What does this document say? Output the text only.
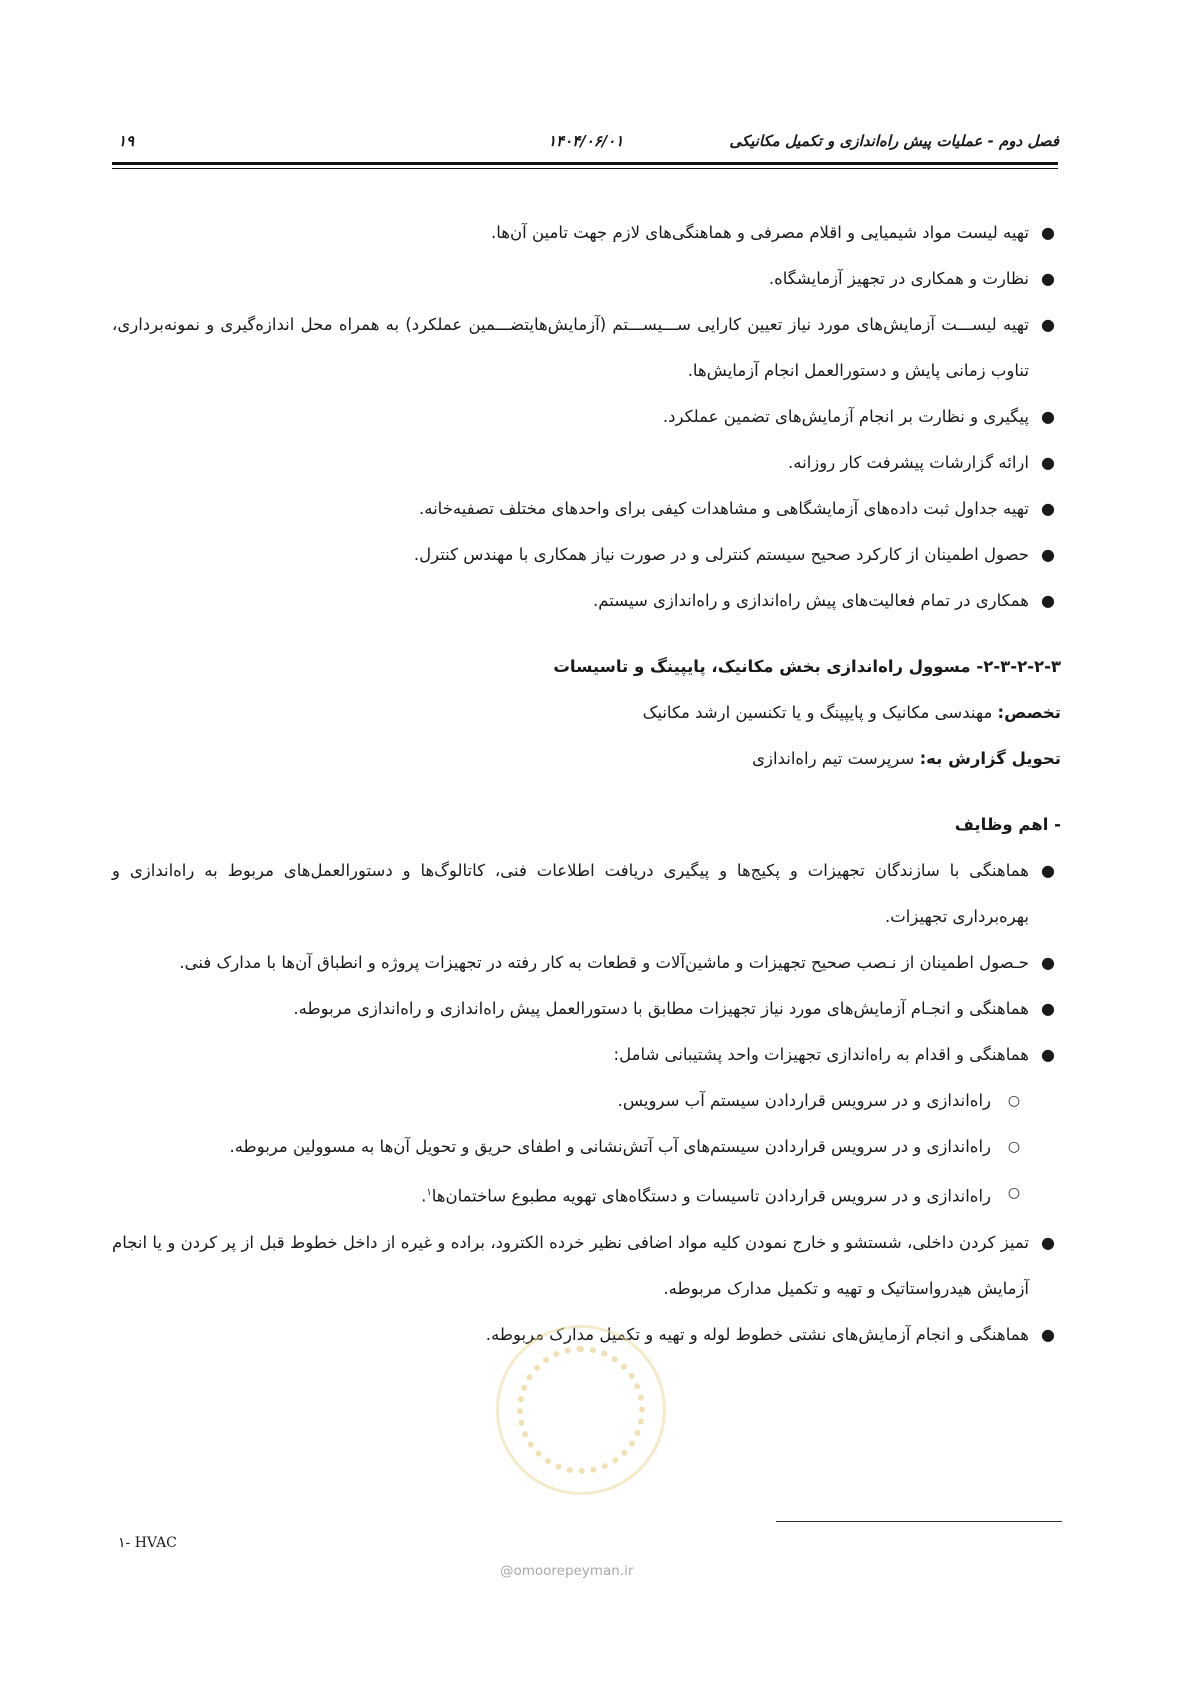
فصل دوم - عملیات پیش راه‌اندازی و تکمیل مکانیکی
۱۴۰۴/۰۶/۰۱
۱۹
●
تهیه لیست مواد شیمیایی و اقلام مصرفی و هماهنگی‌های لازم جهت تامین آن‌ها.
●
نظارت و همکاری در تجهیز آزمایشگاه.
●
تهیه لیســـت آزمایش‌های مورد نیاز تعیین کارایی ســـیســـتم (آزمایش‌هایتضـــمین عملکرد) به همراه محل اندازه‌گیری و نمونه‌برداری، تناوب زمانی پایش و دستورالعمل انجام آزمایش‌ها.
●
پیگیری و نظارت بر انجام آزمایش‌های تضمین عملکرد.
●
ارائه گزارشات پیشرفت کار روزانه.
●
تهیه جداول ثبت داده‌های آزمایشگاهی و مشاهدات کیفی برای واحدهای مختلف تصفیه‌خانه.
●
حصول اطمینان از کارکرد صحیح سیستم کنترلی و در صورت نیاز همکاری با مهندس کنترل.
●
همکاری در تمام فعالیت‌های پیش راه‌اندازی و راه‌اندازی سیستم.
۲-۳-۲-۲-۳- مسوول راه‌اندازی بخش مکانیک، پایپینگ و تاسیسات
تخصص: مهندسی مکانیک و پایپینگ و یا تکنسین ارشد مکانیک
تحویل گزارش به: سرپرست تیم راه‌اندازی
- اهم وظایف
●
هماهنگی با سازندگان تجهیزات و پکیج‌ها و پیگیری دریافت اطلاعات فنی، کاتالوگ‌ها و دستورالعمل‌های مربوط به راه‌اندازی و بهره‌برداری تجهیزات.
●
حـصول اطمینان از نـصب صحیح تجهیزات و ماشین‌آلات و قطعات به کار رفته در تجهیزات پروژه و انطباق آن‌ها با مدارک فنی.
●
هماهنگی و انجـام آزمایش‌های مورد نیاز تجهیزات مطابق با دستورالعمل پیش راه‌اندازی و راه‌اندازی مربوطه.
●
هماهنگی و اقدام به راه‌اندازی تجهیزات واحد پشتیبانی شامل:
○
راه‌اندازی و در سرویس قراردادن سیستم آب سرویس.
○
راه‌اندازی و در سرویس قراردادن سیستم‌های آب آتش‌نشانی و اطفای حریق و تحویل آن‌ها به مسوولین مربوطه.
○
راه‌اندازی و در سرویس قراردادن تاسیسات و دستگاه‌های تهویه مطبوع ساختمان‌ها$^۱$.
●
تمیز کردن داخلی، شستشو و خارج نمودن کلیه مواد اضافی نظیر خرده الکترود، براده و غیره از داخل خطوط قبل از پر کردن و یا انجام آزمایش هیدرواستاتیک و تهیه و تکمیل مدارک مربوطه.
●
هماهنگی و انجام آزمایش‌های نشتی خطوط لوله و تهیه و تکمیل مدارک مربوطه.
@omoorepeyman.ir
۱- HVAC
